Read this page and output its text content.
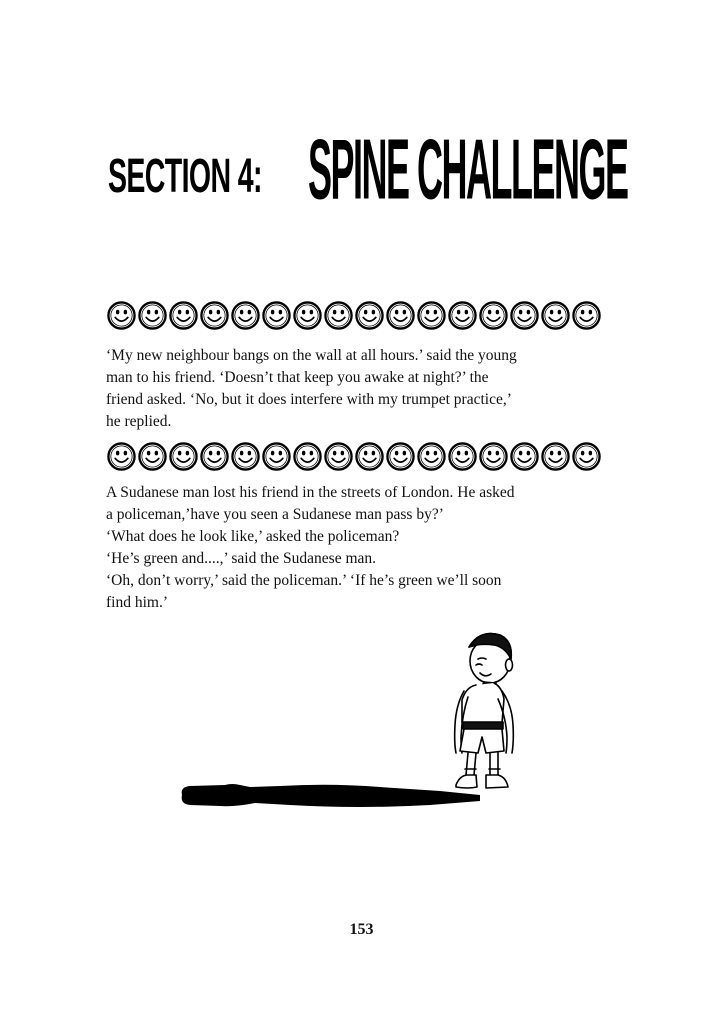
SECTION 4: SPINE CHALLENGE
‘My new neighbour bangs on the wall at all hours.’ said the young
man to his friend. ‘Doesn’t that keep you awake at night?’ the
friend asked. ‘No, but it does interfere with my trumpet practice,’
he replied.
A Sudanese man lost his friend in the streets of London. He asked
a policeman,’have you seen a Sudanese man pass by?’
‘What does he look like,’ asked the policeman?
‘He’s green and....,’ said the Sudanese man.
‘Oh, don’t worry,’ said the policeman.’ ‘If he’s green we’ll soon
find him.’
153
